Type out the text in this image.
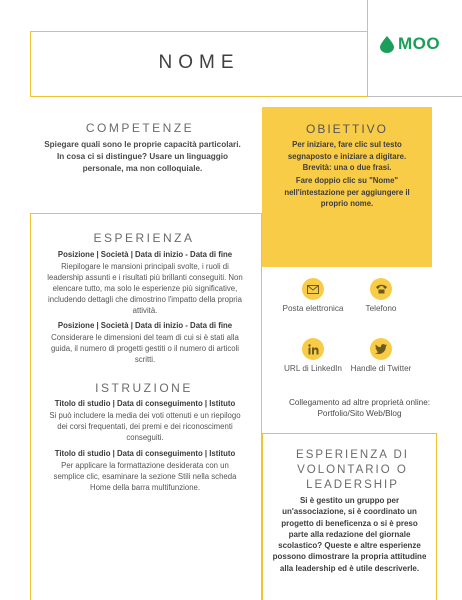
NOME
MOO
COMPETENZE
Spiegare quali sono le proprie capacità particolari. In cosa ci si distingue? Usare un linguaggio personale, ma non colloquiale.
ESPERIENZA
Posizione | Società | Data di inizio - Data di fine
Riepilogare le mansioni principali svolte, i ruoli di leadership assunti e i risultati più brillanti conseguiti. Non elencare tutto, ma solo le esperienze più significative, includendo dettagli che dimostrino l'impatto della propria attività.
Posizione | Società | Data di inizio - Data di fine
Considerare le dimensioni del team di cui si è stati alla guida, il numero di progetti gestiti o il numero di articoli scritti.
ISTRUZIONE
Titolo di studio | Data di conseguimento | Istituto
Si può includere la media dei voti ottenuti e un riepilogo dei corsi frequentati, dei premi e dei riconoscimenti conseguiti.
Titolo di studio | Data di conseguimento | Istituto
Per applicare la formattazione desiderata con un semplice clic, esaminare la sezione Stili nella scheda Home della barra multifunzione.
OBIETTIVO
Per iniziare, fare clic sul testo segnaposto e iniziare a digitare. Brevità: una o due frasi.
Fare doppio clic su "Nome" nell'intestazione per aggiungere il proprio nome.
Posta elettronica	Telefono
URL di LinkedIn	Handle di Twitter
Collegamento ad altre proprietà online: Portfolio/Sito Web/Blog
ESPERIENZA DI VOLONTARIO O LEADERSHIP
Si è gestito un gruppo per un'associazione, si è coordinato un progetto di beneficenza o si è preso parte alla redazione del giornale scolastico? Queste e altre esperienze possono dimostrare la propria attitudine alla leadership ed è utile descriverle.
